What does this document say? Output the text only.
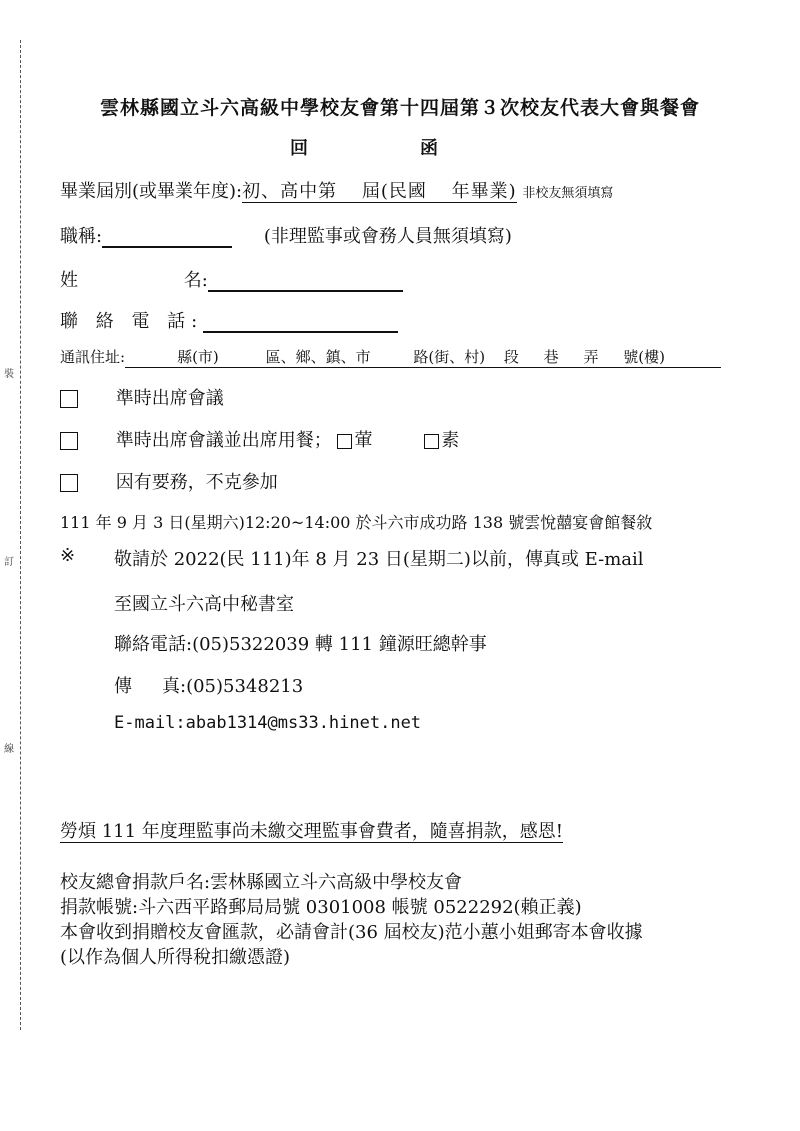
裝
訂
線
雲林縣國立斗六高級中學校友會第十四屆第３次校友代表大會與餐會
回	函
畢業屆別(或畢業年度):初、高中第 屆(民國 年畢業) 非校友無須填寫
職稱:	(非理監事或會務人員無須填寫)
姓	名:
聯 絡 電 話:
通訊住址:	縣(市)	區、鄉、鎮、市	路(街、村) 段 巷 弄 號(樓)
準時出席會議
準時出席會議並出席用餐； 葷	素
因有要務，不克參加
111 年 9 月 3 日(星期六)12:20~14:00 於斗六市成功路 138 號雲悅囍宴會館餐敘
※ 敬請於 2022(民 111)年 8 月 23 日(星期二)以前，傳真或 E-mail
至國立斗六高中秘書室
聯絡電話:(05)5322039 轉 111 鐘源旺總幹事
傳 真:(05)5348213
E-mail:abab1314@ms33.hinet.net
勞煩 111 年度理監事尚未繳交理監事會費者，隨喜捐款，感恩!
校友總會捐款戶名:雲林縣國立斗六高級中學校友會
捐款帳號:斗六西平路郵局局號 0301008 帳號 0522292(賴正義)
本會收到捐贈校友會匯款，必請會計(36 屆校友)范小蕙小姐郵寄本會收據
(以作為個人所得稅扣繳憑證)
